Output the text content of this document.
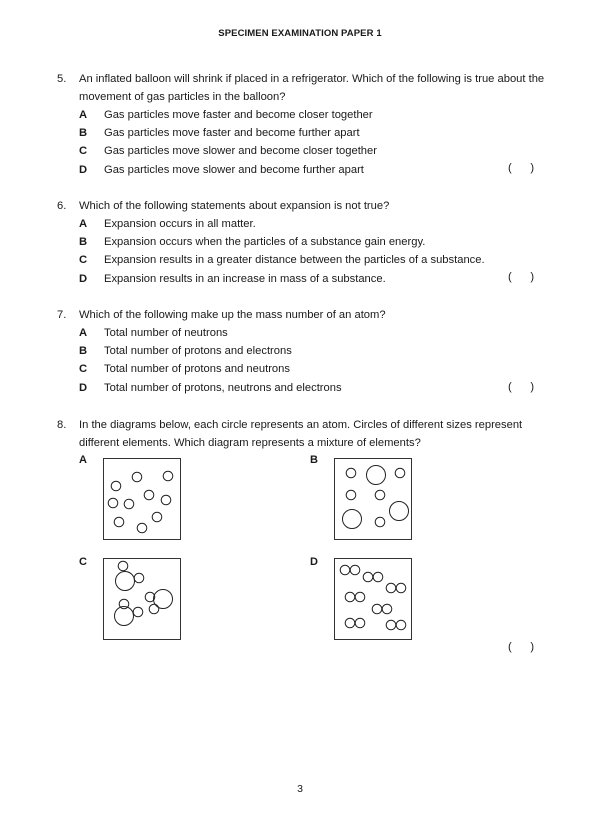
SPECIMEN EXAMINATION PAPER 1
5. An inflated balloon will shrink if placed in a refrigerator. Which of the following is true about the movement of gas particles in the balloon?
A Gas particles move faster and become closer together
B Gas particles move faster and become further apart
C Gas particles move slower and become closer together
D Gas particles move slower and become further apart	(      )
6. Which of the following statements about expansion is not true?
A Expansion occurs in all matter.
B Expansion occurs when the particles of a substance gain energy.
C Expansion results in a greater distance between the particles of a substance.
D Expansion results in an increase in mass of a substance.	(      )
7. Which of the following make up the mass number of an atom?
A Total number of neutrons
B Total number of protons and electrons
C Total number of protons and neutrons
D Total number of protons, neutrons and electrons	(      )
8. In the diagrams below, each circle represents an atom. Circles of different sizes represent different elements. Which diagram represents a mixture of elements?
A	B
C	D
(      )
3
